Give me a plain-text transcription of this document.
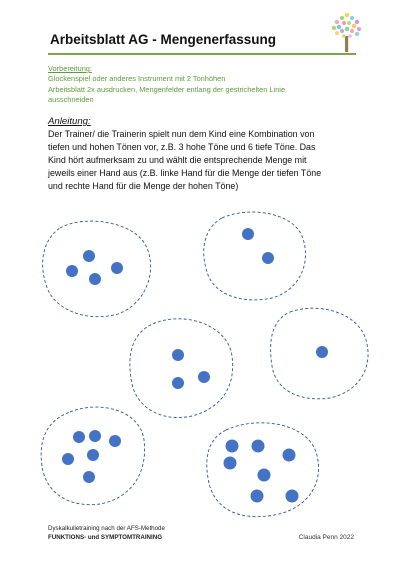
Arbeitsblatt AG - Mengenerfassung
Vorbereitung:
Glockenspiel oder anderes Instrument mit 2 Tonhöhen
Arbeitsblatt 2x ausdrucken, Mengenfelder entlang der gestrichelten Linie
ausschneiden
Anleitung:
Der Trainer/ die Trainerin spielt nun dem Kind eine Kombination von
tiefen und hohen Tönen vor, z.B. 3 hohe Töne und 6 tiefe Töne. Das
Kind hört aufmerksam zu und wählt die entsprechende Menge mit
jeweils einer Hand aus (z.B. linke Hand für die Menge der tiefen Töne
und rechte Hand für die Menge der hohen Töne)
Dyskalkulietraining nach der AFS-Methode
FUNKTIONS- und SYMPTOMTRAINING	Claudia Penn 2022
